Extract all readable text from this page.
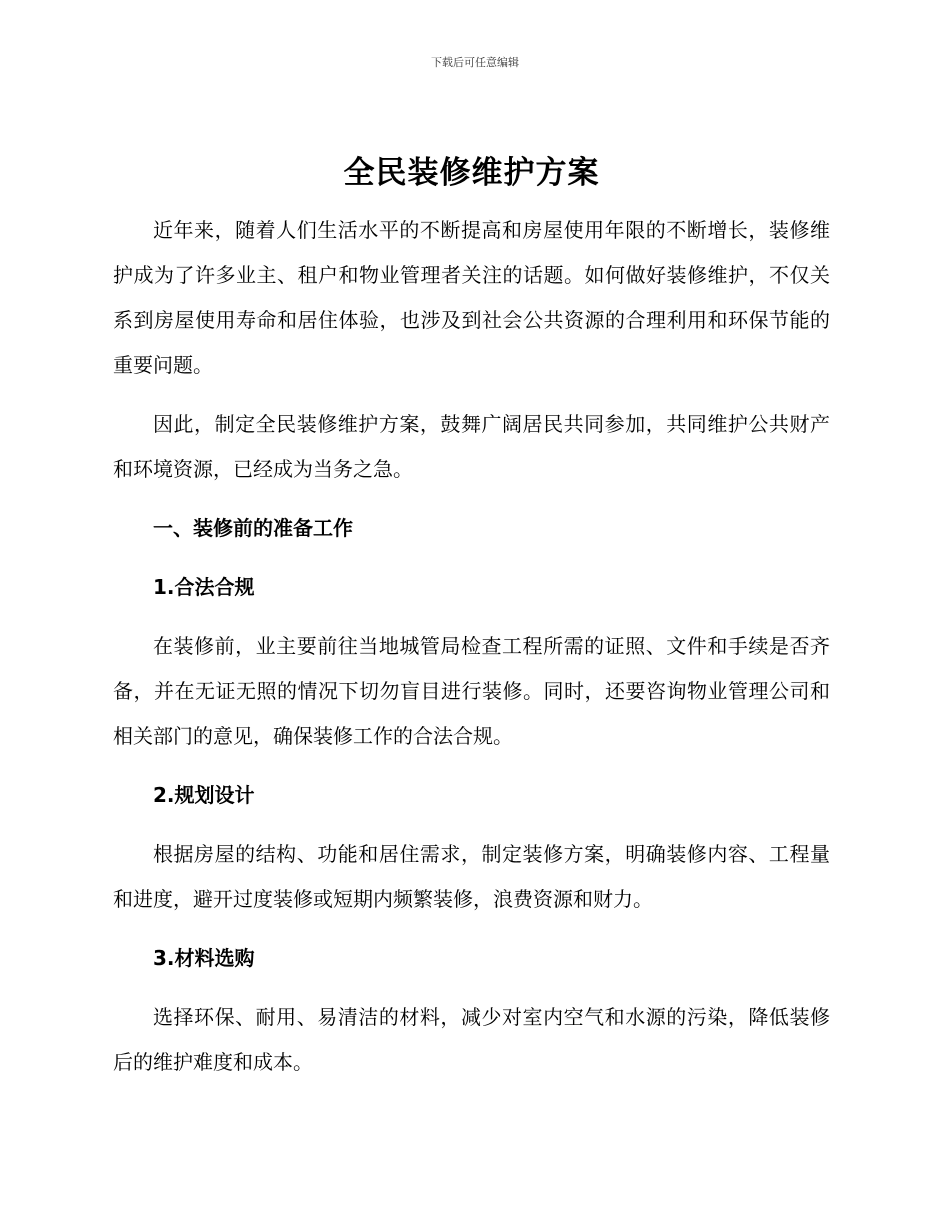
下载后可任意编辑
全民装修维护方案

近年来，随着人们生活水平的不断提高和房屋使用年限的不断增长，装修维护成为了许多业主、租户和物业管理者关注的话题。如何做好装修维护，不仅关系到房屋使用寿命和居住体验，也涉及到社会公共资源的合理利用和环保节能的重要问题。

因此，制定全民装修维护方案，鼓舞广阔居民共同参加，共同维护公共财产和环境资源，已经成为当务之急。

一、装修前的准备工作
1.合法合规

在装修前，业主要前往当地城管局检查工程所需的证照、文件和手续是否齐备，并在无证无照的情况下切勿盲目进行装修。同时，还要咨询物业管理公司和相关部门的意见，确保装修工作的合法合规。

2.规划设计

根据房屋的结构、功能和居住需求，制定装修方案，明确装修内容、工程量和进度，避开过度装修或短期内频繁装修，浪费资源和财力。

3.材料选购

选择环保、耐用、易清洁的材料，减少对室内空气和水源的污染，降低装修后的维护难度和成本。
